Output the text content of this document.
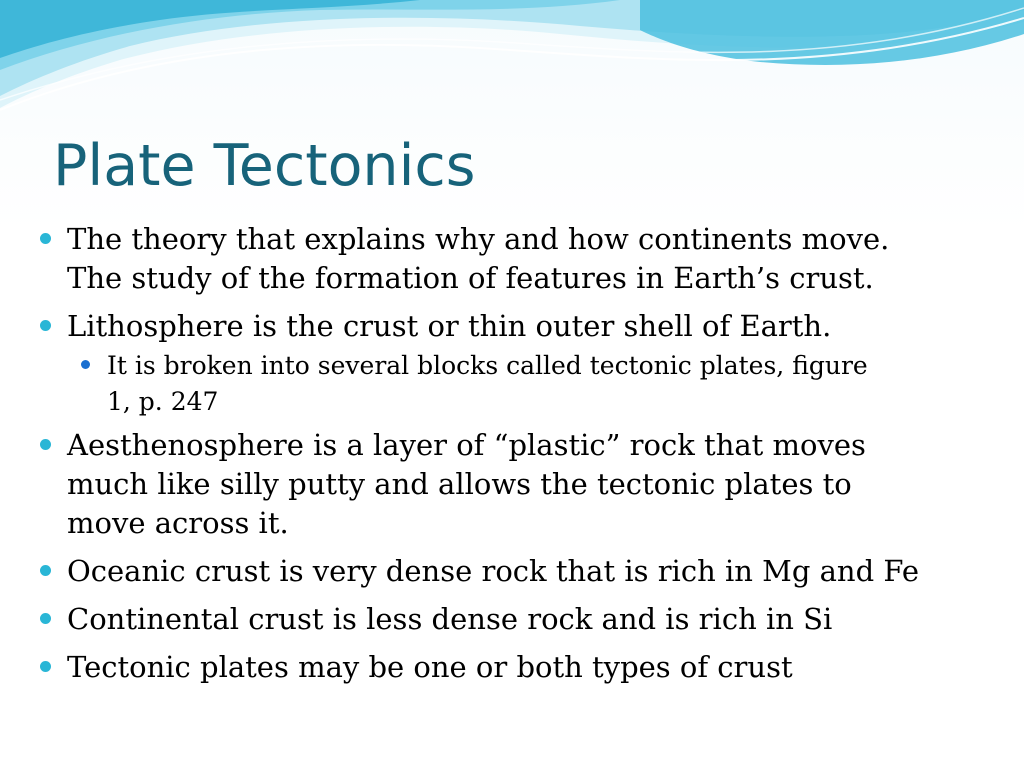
Plate Tectonics
The theory that explains why and how continents move.
The study of the formation of features in Earth’s crust.
Lithosphere is the crust or thin outer shell of Earth.
It is broken into several blocks called tectonic plates, figure
1, p. 247
Aesthenosphere is a layer of “plastic” rock that moves
much like silly putty and allows the tectonic plates to
move across it.
Oceanic crust is very dense rock that is rich in Mg and Fe
Continental crust is less dense rock and is rich in Si
Tectonic plates may be one or both types of crust
